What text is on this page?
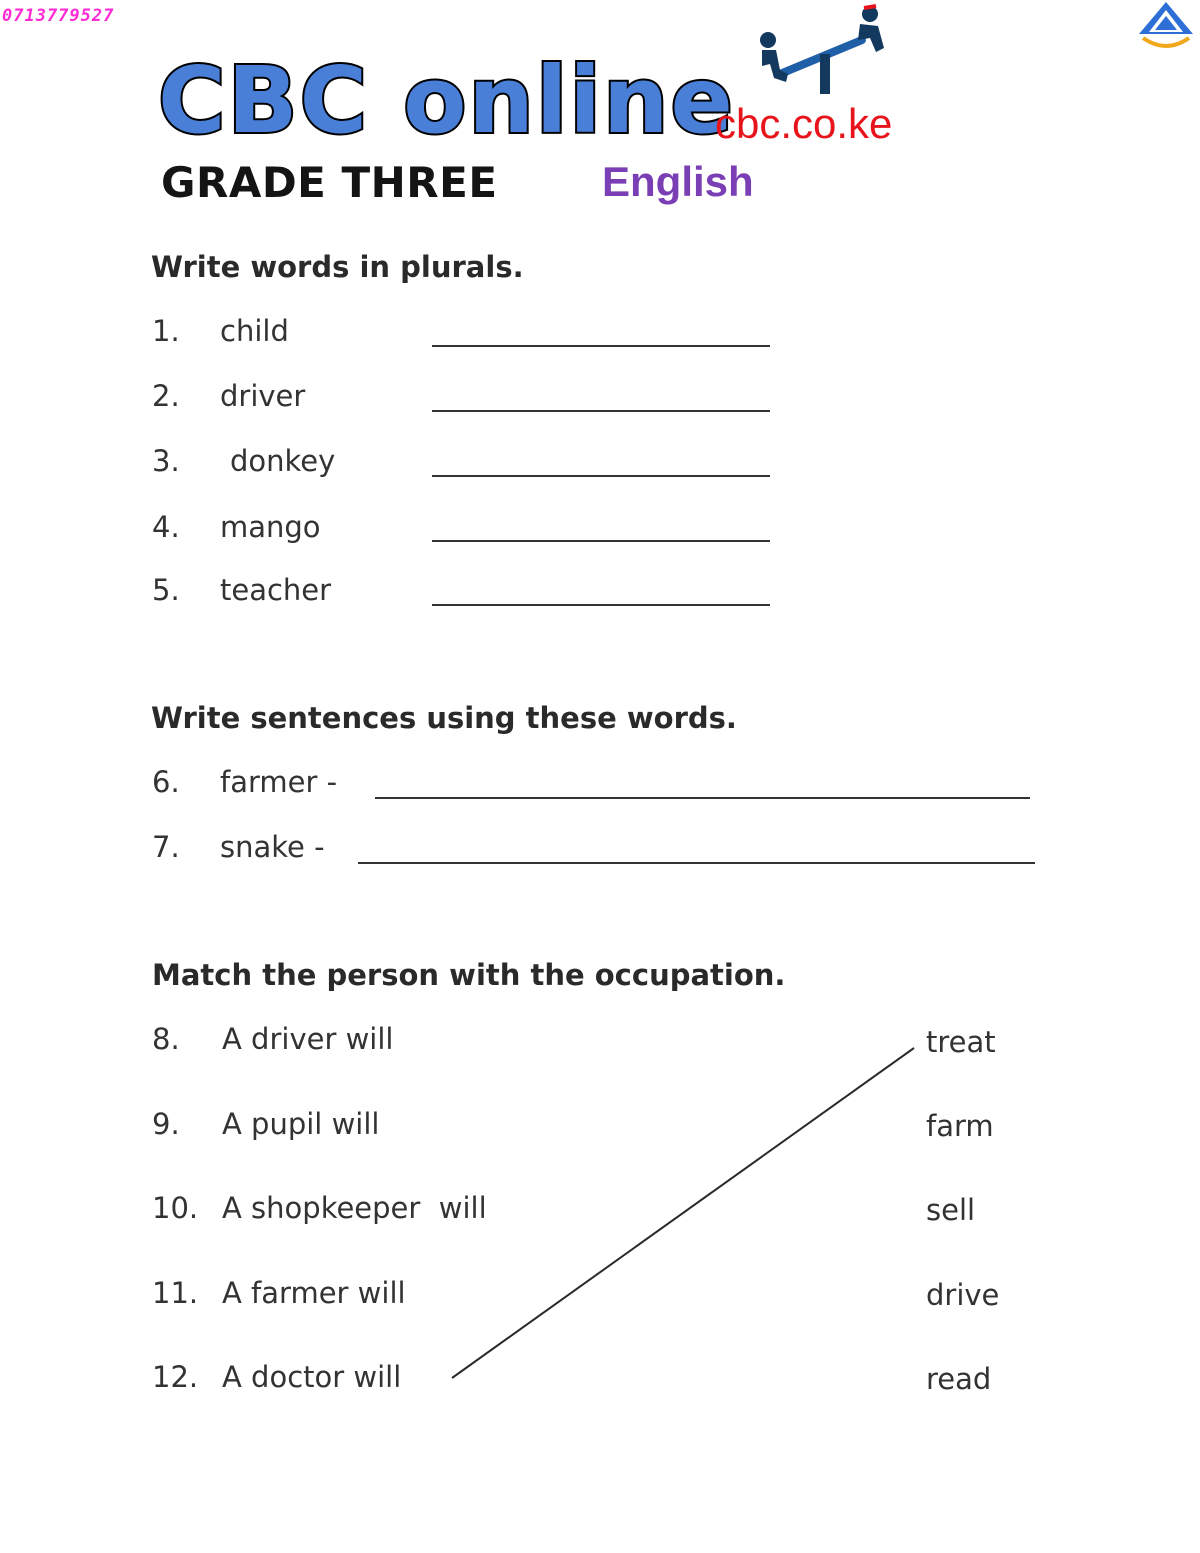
0713779527
CBC online
cbc.co.ke
GRADE THREE English
Write words in plurals.
1. child
2. driver
3. donkey
4. mango
5. teacher
Write sentences using these words.
6. farmer -
7. snake -
Match the person with the occupation.
8. A driver will
9. A pupil will
10. A shopkeeper  will
11. A farmer will
12. A doctor will
treat
farm
sell
drive
read
